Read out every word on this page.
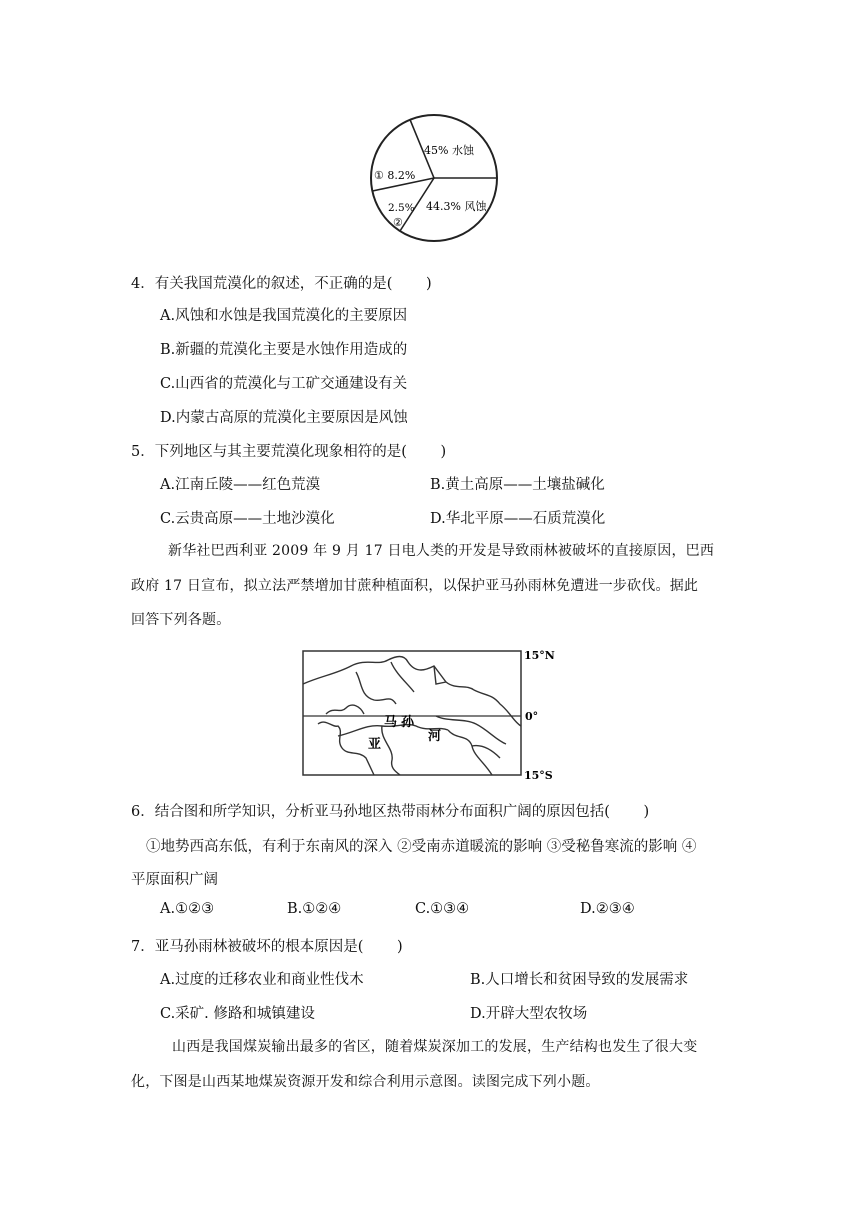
45% 水蚀
44.3% 风蚀
2.5%
②
① 8.2%
4．有关我国荒漠化的叙述，不正确的是(　　 )
A.风蚀和水蚀是我国荒漠化的主要原因
B.新疆的荒漠化主要是水蚀作用造成的
C.山西省的荒漠化与工矿交通建设有关
D.内蒙古高原的荒漠化主要原因是风蚀
5．下列地区与其主要荒漠化现象相符的是(　　 )
A.江南丘陵——红色荒漠	B.黄土高原——土壤盐碱化
C.云贵高原——土地沙漠化	D.华北平原——石质荒漠化
新华社巴西利亚 2009 年 9 月 17 日电人类的开发是导致雨林被破坏的直接原因，巴西
政府 17 日宣布，拟立法严禁增加甘蔗种植面积，以保护亚马孙雨林免遭进一步砍伐。据此
回答下列各题。
马 孙
亚
河
15°N
0°
15°S
6．结合图和所学知识，分析亚马孙地区热带雨林分布面积广阔的原因包括(　　 )
①地势西高东低，有利于东南风的深入 ②受南赤道暖流的影响 ③受秘鲁寒流的影响 ④
平原面积广阔
A.①②③	B.①②④	C.①③④	D.②③④
7．亚马孙雨林被破坏的根本原因是(　　 )
A.过度的迁移农业和商业性伐木	B.人口增长和贫困导致的发展需求
C.采矿. 修路和城镇建设	D.开辟大型农牧场
山西是我国煤炭输出最多的省区，随着煤炭深加工的发展，生产结构也发生了很大变
化，下图是山西某地煤炭资源开发和综合利用示意图。读图完成下列小题。
